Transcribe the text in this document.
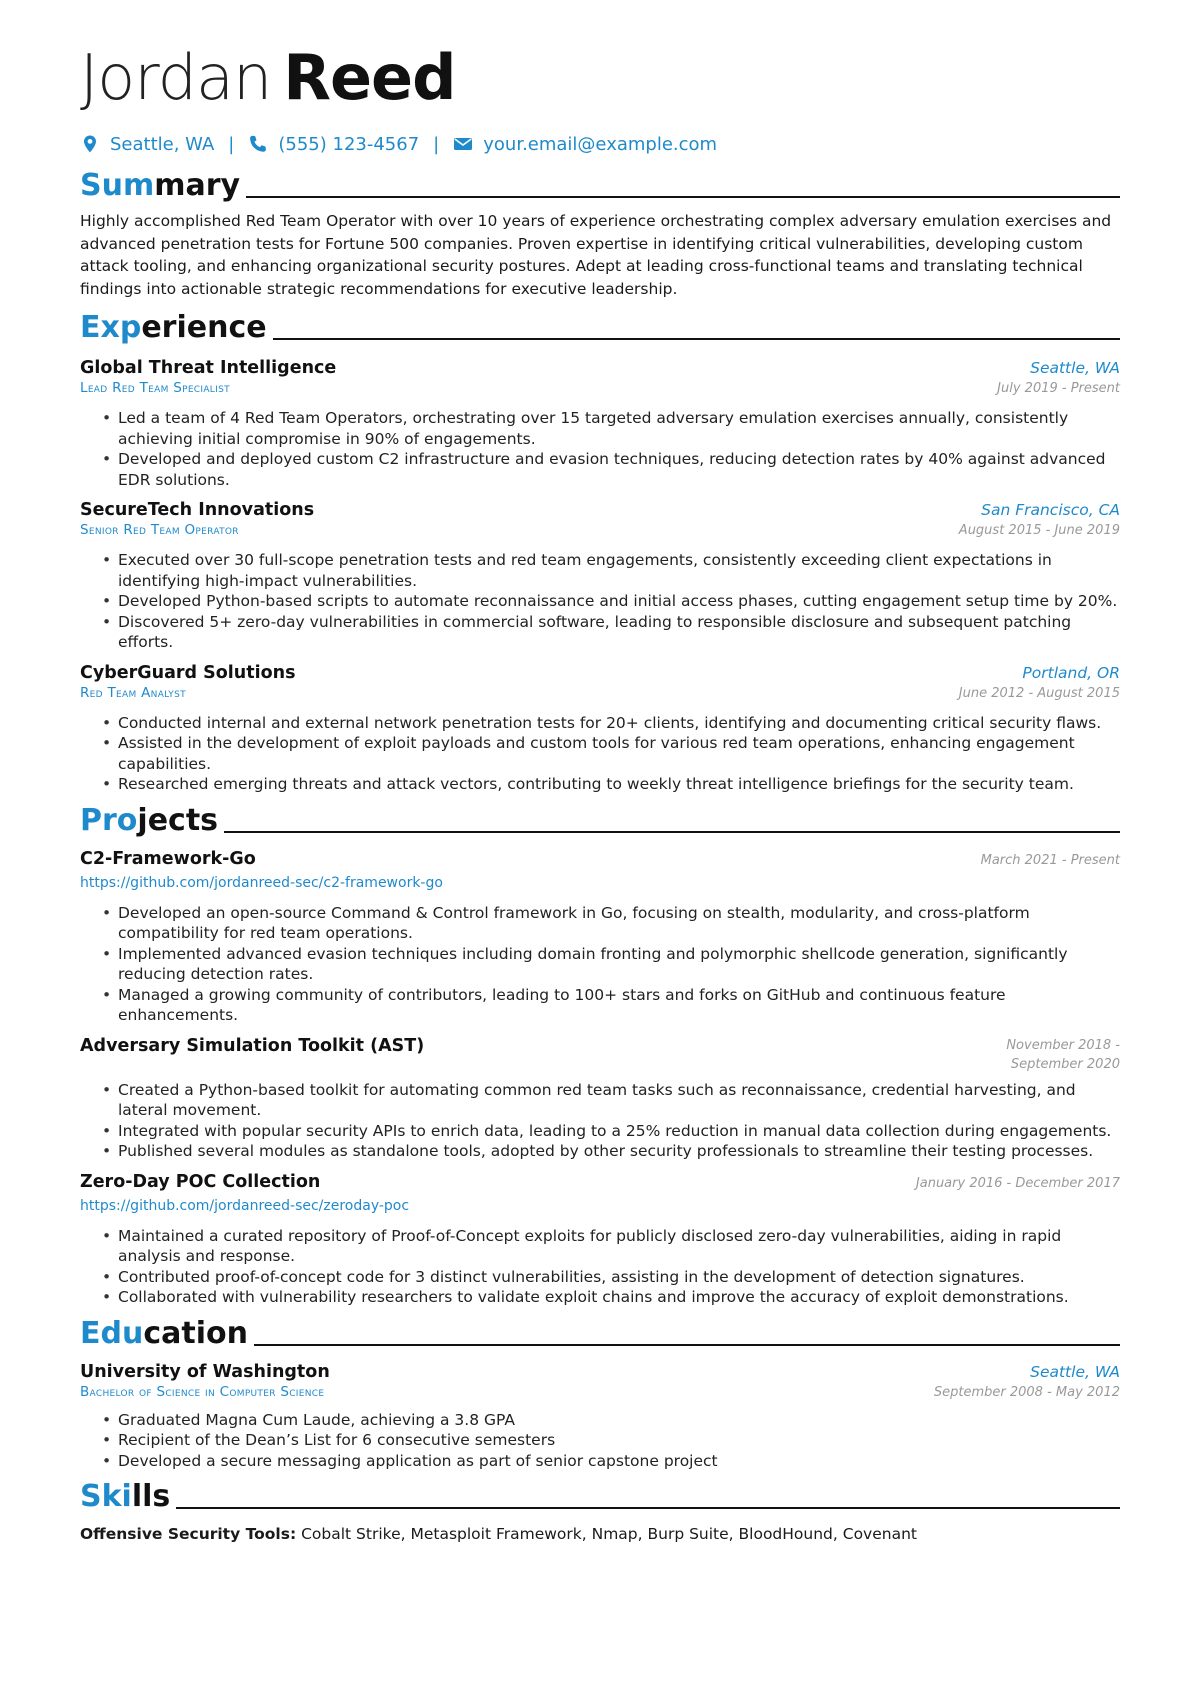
Jordan Reed
Seattle, WA | (555) 123-4567 | your.email@example.com
Summary

Highly accomplished Red Team Operator with over 10 years of experience orchestrating complex adversary emulation exercises and advanced penetration tests for Fortune 500 companies. Proven expertise in identifying critical vulnerabilities, developing custom attack tooling, and enhancing organizational security postures. Adept at leading cross-functional teams and translating technical findings into actionable strategic recommendations for executive leadership.

Experience
Global Threat Intelligence	Seattle, WA
Lead Red Team Specialist	July 2019 - Present
• Led a team of 4 Red Team Operators, orchestrating over 15 targeted adversary emulation exercises annually, consistently achieving initial compromise in 90% of engagements.
• Developed and deployed custom C2 infrastructure and evasion techniques, reducing detection rates by 40% against advanced EDR solutions.
SecureTech Innovations	San Francisco, CA
Senior Red Team Operator	August 2015 - June 2019
• Executed over 30 full-scope penetration tests and red team engagements, consistently exceeding client expectations in identifying high-impact vulnerabilities.
• Developed Python-based scripts to automate reconnaissance and initial access phases, cutting engagement setup time by 20%.
• Discovered 5+ zero-day vulnerabilities in commercial software, leading to responsible disclosure and subsequent patching efforts.
CyberGuard Solutions	Portland, OR
Red Team Analyst	June 2012 - August 2015
• Conducted internal and external network penetration tests for 20+ clients, identifying and documenting critical security flaws.
• Assisted in the development of exploit payloads and custom tools for various red team operations, enhancing engagement capabilities.
• Researched emerging threats and attack vectors, contributing to weekly threat intelligence briefings for the security team.
Projects
C2-Framework-Go	March 2021 - Present
https://github.com/jordanreed-sec/c2-framework-go
• Developed an open-source Command & Control framework in Go, focusing on stealth, modularity, and cross-platform compatibility for red team operations.
• Implemented advanced evasion techniques including domain fronting and polymorphic shellcode generation, significantly reducing detection rates.
• Managed a growing community of contributors, leading to 100+ stars and forks on GitHub and continuous feature enhancements.
Adversary Simulation Toolkit (AST)	November 2018 - September 2020
• Created a Python-based toolkit for automating common red team tasks such as reconnaissance, credential harvesting, and lateral movement.
• Integrated with popular security APIs to enrich data, leading to a 25% reduction in manual data collection during engagements.
• Published several modules as standalone tools, adopted by other security professionals to streamline their testing processes.
Zero-Day POC Collection	January 2016 - December 2017
https://github.com/jordanreed-sec/zeroday-poc
• Maintained a curated repository of Proof-of-Concept exploits for publicly disclosed zero-day vulnerabilities, aiding in rapid analysis and response.
• Contributed proof-of-concept code for 3 distinct vulnerabilities, assisting in the development of detection signatures.
• Collaborated with vulnerability researchers to validate exploit chains and improve the accuracy of exploit demonstrations.
Education
University of Washington	Seattle, WA
Bachelor of Science in Computer Science	September 2008 - May 2012
• Graduated Magna Cum Laude, achieving a 3.8 GPA
• Recipient of the Dean’s List for 6 consecutive semesters
• Developed a secure messaging application as part of senior capstone project
Skills
Offensive Security Tools: Cobalt Strike, Metasploit Framework, Nmap, Burp Suite, BloodHound, Covenant
